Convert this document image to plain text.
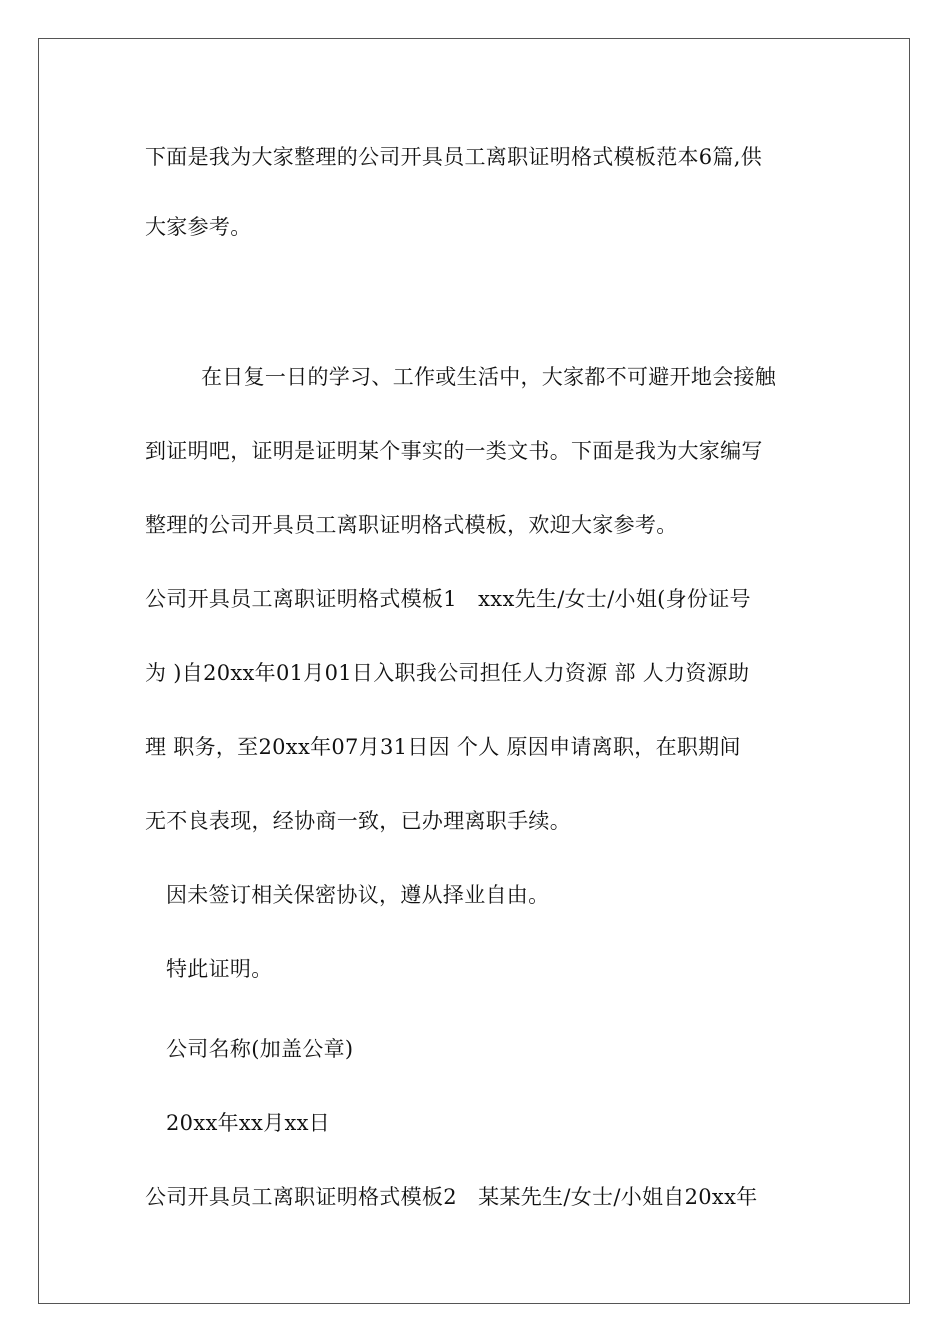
下面是我为大家整理的公司开具员工离职证明格式模板范本6篇,供
大家参考。
在日复一日的学习、工作或生活中，大家都不可避开地会接触
到证明吧，证明是证明某个事实的一类文书。下面是我为大家编写
整理的公司开具员工离职证明格式模板，欢迎大家参考。
公司开具员工离职证明格式模板1　xxx先生/女士/小姐(身份证号
为 )自20xx年01月01日入职我公司担任人力资源 部 人力资源助
理 职务，至20xx年07月31日因 个人 原因申请离职，在职期间
无不良表现，经协商一致，已办理离职手续。
因未签订相关保密协议，遵从择业自由。
特此证明。
公司名称(加盖公章)
20xx年xx月xx日
公司开具员工离职证明格式模板2　某某先生/女士/小姐自20xx年
